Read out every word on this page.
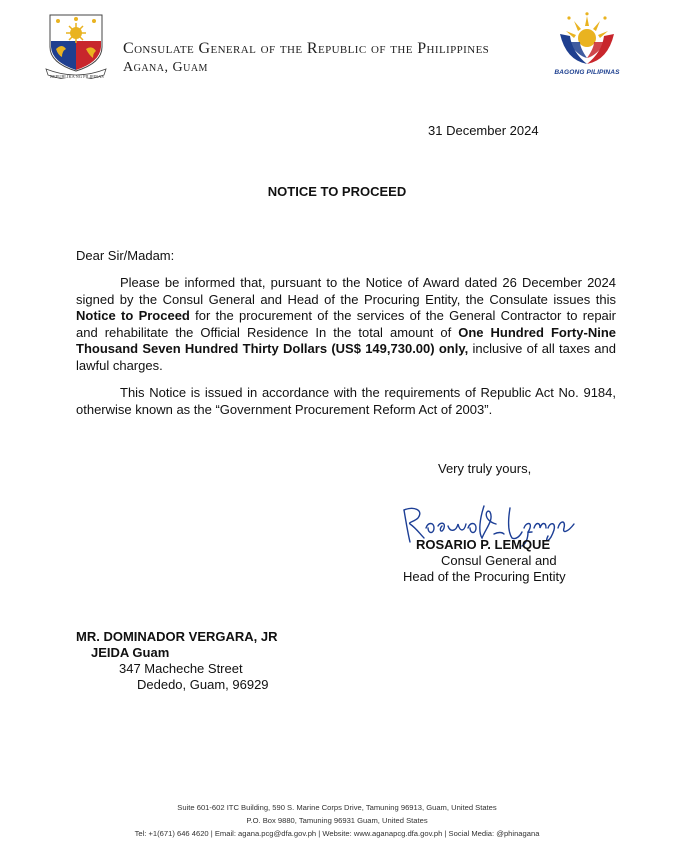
REPUBLIKA NG PILIPINAS
Consulate General of the Republic of the Philippines
Agana, Guam	BAGONG PILIPINAS
31 December 2024
NOTICE TO PROCEED
Dear Sir/Madam:
Please be informed that, pursuant to the Notice of Award dated 26 December 2024 signed by the Consul General and Head of the Procuring Entity, the Consulate issues this Notice to Proceed for the procurement of the services of the General Contractor to repair and rehabilitate the Official Residence In the total amount of One Hundred Forty-Nine Thousand Seven Hundred Thirty Dollars (US$ 149,730.00) only, inclusive of all taxes and lawful charges.
This Notice is issued in accordance with the requirements of Republic Act No. 9184, otherwise known as the “Government Procurement Reform Act of 2003”.
Very truly yours,
ROSARIO P. LEMQUE
Consul General and
Head of the Procuring Entity
MR. DOMINADOR VERGARA, JR
JEIDA Guam
347 Macheche Street
Dededo, Guam, 96929
Suite 601-602 ITC Building, 590 S. Marine Corps Drive, Tamuning 96913, Guam, United States
P.O. Box 9880, Tamuning 96931 Guam, United States
Tel: +1(671) 646 4620 | Email: agana.pcg@dfa.gov.ph | Website: www.aganapcg.dfa.gov.ph | Social Media: @phinagana
